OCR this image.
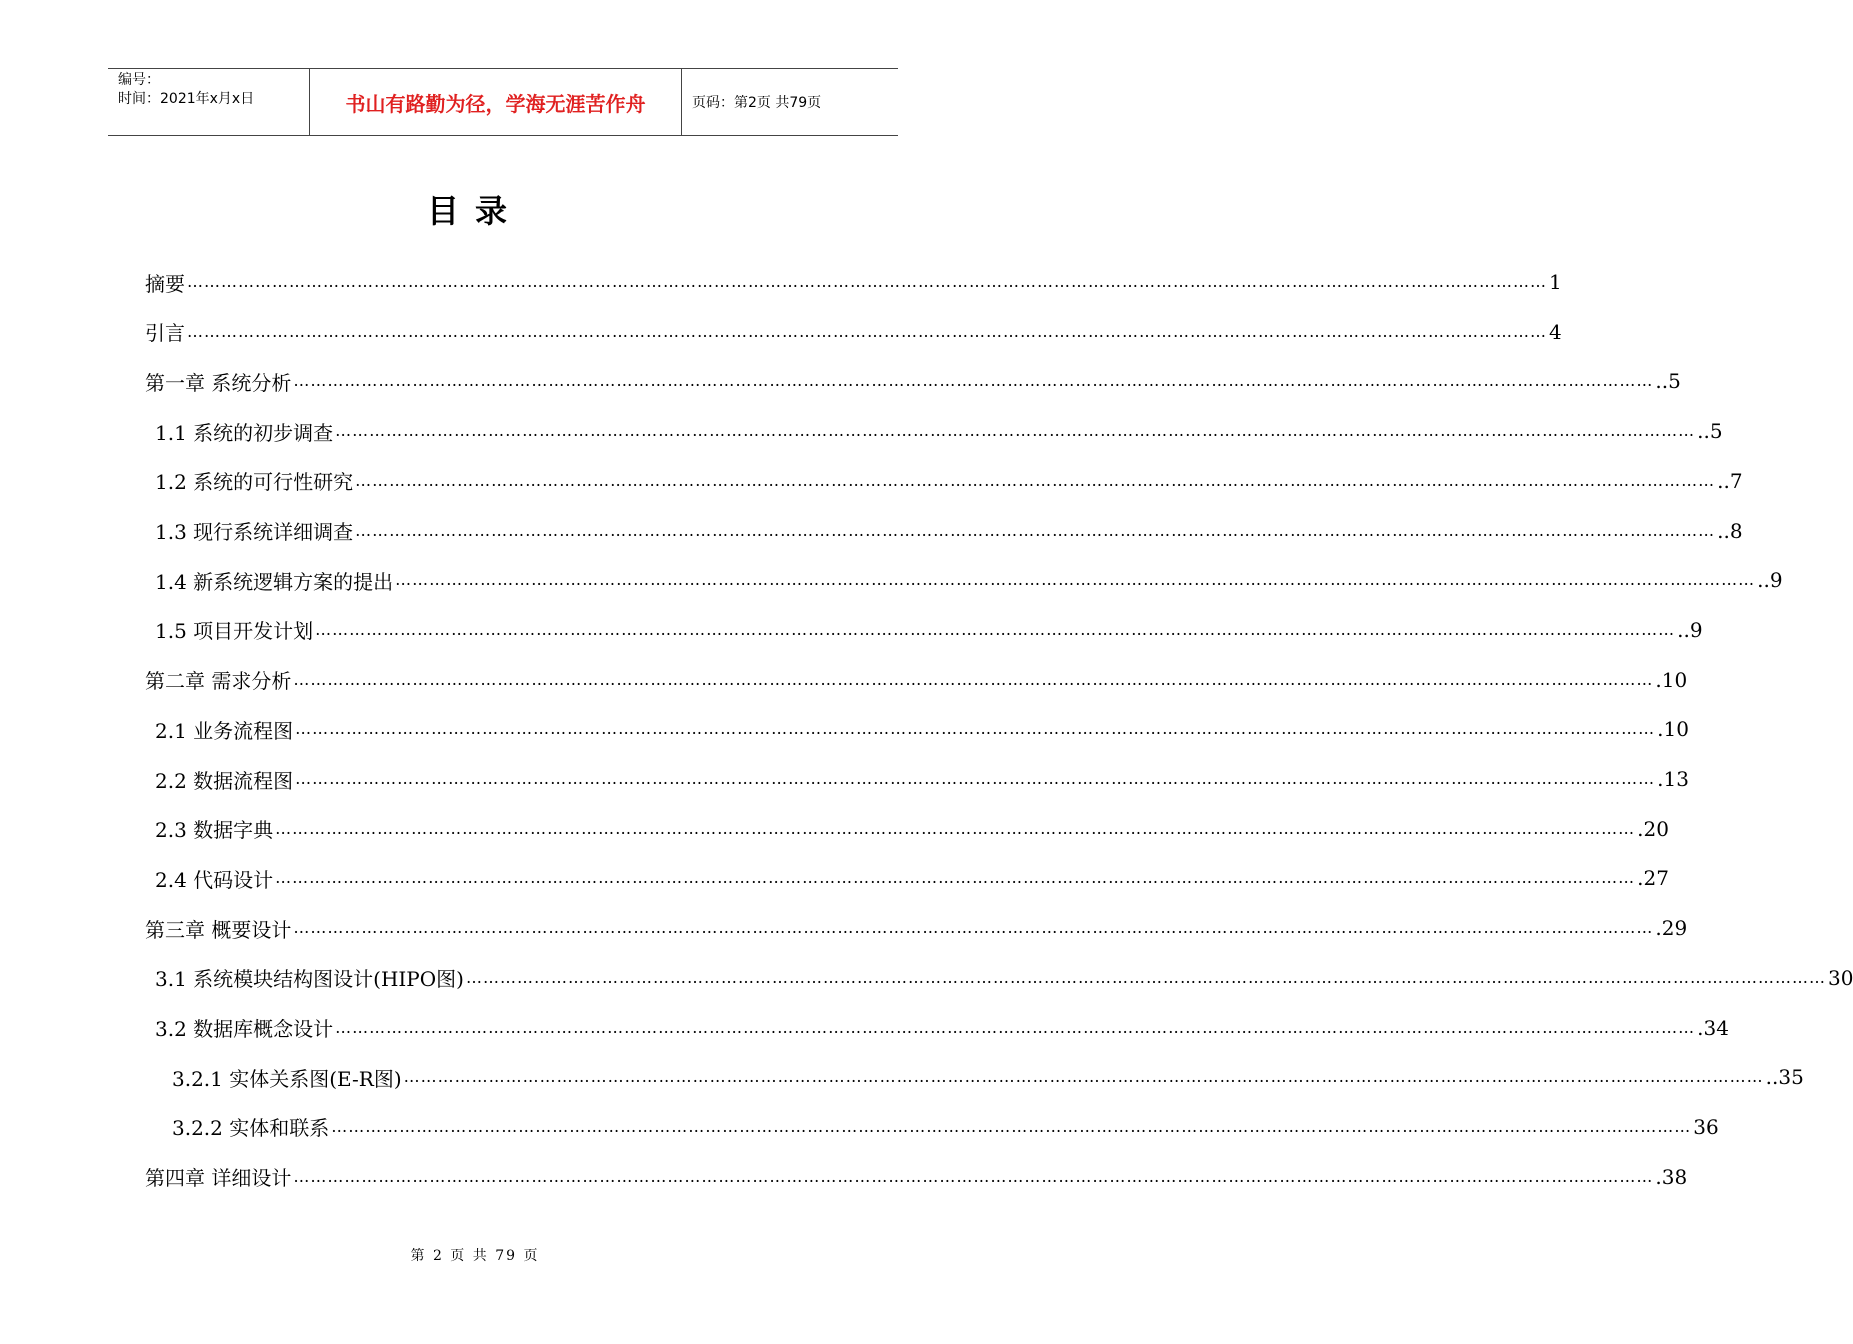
编号：
时间：2021年x月x日	书山有路勤为径，学海无涯苦作舟	页码：第2页 共79页
目录
摘要 …………………………………………………………………………………………………………………………………………………………………………………………………………………… 1
引言 …………………………………………………………………………………………………………………………………………………………………………………………………………………… 4
第一章 系统分析 …………………………………………………………………………………………………………………………………………………………………………………………………………………… ..5
1.1 系统的初步调查 …………………………………………………………………………………………………………………………………………………………………………………………………………………… ..5
1.2 系统的可行性研究 …………………………………………………………………………………………………………………………………………………………………………………………………………………… ..7
1.3 现行系统详细调查 …………………………………………………………………………………………………………………………………………………………………………………………………………………… ..8
1.4 新系统逻辑方案的提出 …………………………………………………………………………………………………………………………………………………………………………………………………………………… ..9
1.5 项目开发计划 …………………………………………………………………………………………………………………………………………………………………………………………………………………… ..9
第二章 需求分析 …………………………………………………………………………………………………………………………………………………………………………………………………………………… .10
2.1 业务流程图 …………………………………………………………………………………………………………………………………………………………………………………………………………………… .10
2.2 数据流程图 …………………………………………………………………………………………………………………………………………………………………………………………………………………… .13
2.3 数据字典 …………………………………………………………………………………………………………………………………………………………………………………………………………………… .20
2.4 代码设计 …………………………………………………………………………………………………………………………………………………………………………………………………………………… .27
第三章 概要设计 …………………………………………………………………………………………………………………………………………………………………………………………………………………… .29
3.1 系统模块结构图设计(HIPO图) …………………………………………………………………………………………………………………………………………………………………………………………………………………… 30
3.2 数据库概念设计 …………………………………………………………………………………………………………………………………………………………………………………………………………………… .34
3.2.1 实体关系图(E-R图) …………………………………………………………………………………………………………………………………………………………………………………………………………………… ..35
3.2.2 实体和联系 …………………………………………………………………………………………………………………………………………………………………………………………………………………… 36
第四章 详细设计 …………………………………………………………………………………………………………………………………………………………………………………………………………………… .38
第 2 页 共 79 页
